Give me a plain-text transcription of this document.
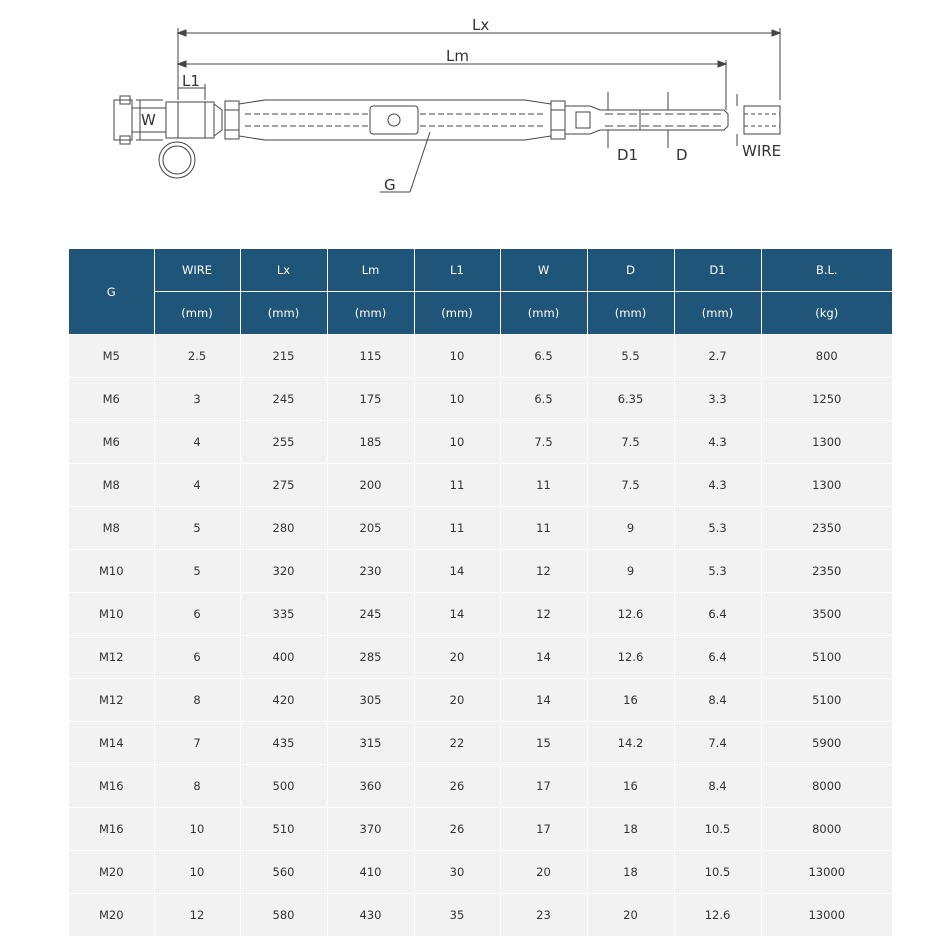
Lx
Lm
L1
W
G
D1	D	WIRE
G	WIRE	Lx	Lm	L1	W	D	D1	B.L.
	(mm)	(mm)	(mm)	(mm)	(mm)	(mm)	(mm)	(kg)
M5	2.5	215	115	10	6.5	5.5	2.7	800
M6	3	245	175	10	6.5	6.35	3.3	1250
M6	4	255	185	10	7.5	7.5	4.3	1300
M8	4	275	200	11	11	7.5	4.3	1300
M8	5	280	205	11	11	9	5.3	2350
M10	5	320	230	14	12	9	5.3	2350
M10	6	335	245	14	12	12.6	6.4	3500
M12	6	400	285	20	14	12.6	6.4	5100
M12	8	420	305	20	14	16	8.4	5100
M14	7	435	315	22	15	14.2	7.4	5900
M16	8	500	360	26	17	16	8.4	8000
M16	10	510	370	26	17	18	10.5	8000
M20	10	560	410	30	20	18	10.5	13000
M20	12	580	430	35	23	20	12.6	13000
